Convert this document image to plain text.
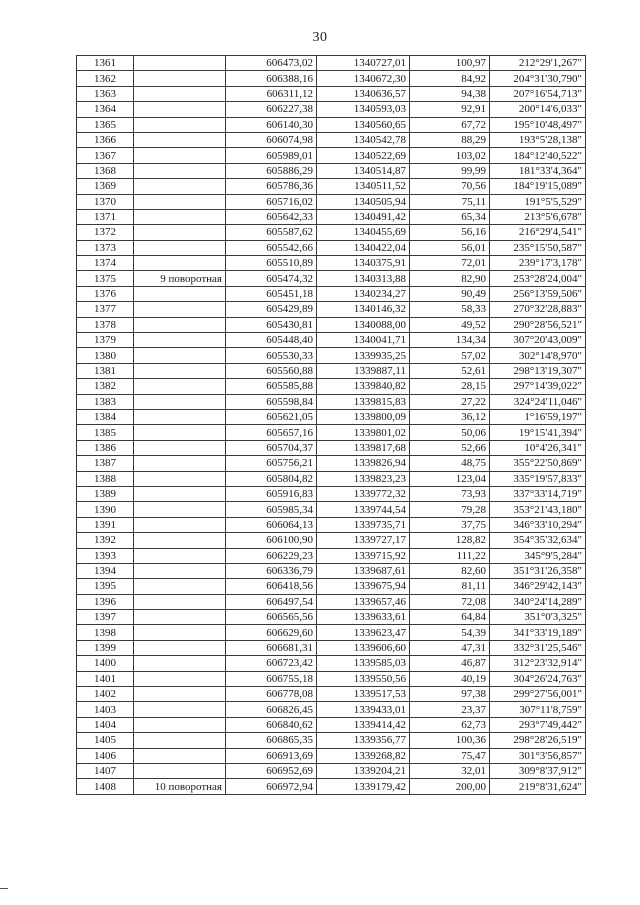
30
1361		606473,02	1340727,01	100,97	212°29'1,267"
1362		606388,16	1340672,30	84,92	204°31'30,790"
1363		606311,12	1340636,57	94,38	207°16'54,713"
1364		606227,38	1340593,03	92,91	200°14'6,033"
1365		606140,30	1340560,65	67,72	195°10'48,497"
1366		606074,98	1340542,78	88,29	193°5'28,138"
1367		605989,01	1340522,69	103,02	184°12'40,522"
1368		605886,29	1340514,87	99,99	181°33'4,364"
1369		605786,36	1340511,52	70,56	184°19'15,089"
1370		605716,02	1340505,94	75,11	191°5'5,529"
1371		605642,33	1340491,42	65,34	213°5'6,678"
1372		605587,62	1340455,69	56,16	216°29'4,541"
1373		605542,66	1340422,04	56,01	235°15'50,587"
1374		605510,89	1340375,91	72,01	239°17'3,178"
1375	9 поворотная	605474,32	1340313,88	82,90	253°28'24,004"
1376		605451,18	1340234,27	90,49	256°13'59,506"
1377		605429,89	1340146,32	58,33	270°32'28,883"
1378		605430,81	1340088,00	49,52	290°28'56,521"
1379		605448,40	1340041,71	134,34	307°20'43,009"
1380		605530,33	1339935,25	57,02	302°14'8,970"
1381		605560,88	1339887,11	52,61	298°13'19,307"
1382		605585,88	1339840,82	28,15	297°14'39,022"
1383		605598,84	1339815,83	27,22	324°24'11,046"
1384		605621,05	1339800,09	36,12	1°16'59,197"
1385		605657,16	1339801,02	50,06	19°15'41,394"
1386		605704,37	1339817,68	52,66	10°4'26,341"
1387		605756,21	1339826,94	48,75	355°22'50,869"
1388		605804,82	1339823,23	123,04	335°19'57,833"
1389		605916,83	1339772,32	73,93	337°33'14,719"
1390		605985,34	1339744,54	79,28	353°21'43,180"
1391		606064,13	1339735,71	37,75	346°33'10,294"
1392		606100,90	1339727,17	128,82	354°35'32,634"
1393		606229,23	1339715,92	111,22	345°9'5,284"
1394		606336,79	1339687,61	82,60	351°31'26,358"
1395		606418,56	1339675,94	81,11	346°29'42,143"
1396		606497,54	1339657,46	72,08	340°24'14,289"
1397		606565,56	1339633,61	64,84	351°0'3,325"
1398		606629,60	1339623,47	54,39	341°33'19,189"
1399		606681,31	1339606,60	47,31	332°31'25,546"
1400		606723,42	1339585,03	46,87	312°23'32,914"
1401		606755,18	1339550,56	40,19	304°26'24,763"
1402		606778,08	1339517,53	97,38	299°27'56,001"
1403		606826,45	1339433,01	23,37	307°11'8,759"
1404		606840,62	1339414,42	62,73	293°7'49,442"
1405		606865,35	1339356,77	100,36	298°28'26,519"
1406		606913,69	1339268,82	75,47	301°3'56,857"
1407		606952,69	1339204,21	32,01	309°8'37,912"
1408	10 поворотная	606972,94	1339179,42	200,00	219°8'31,624"
